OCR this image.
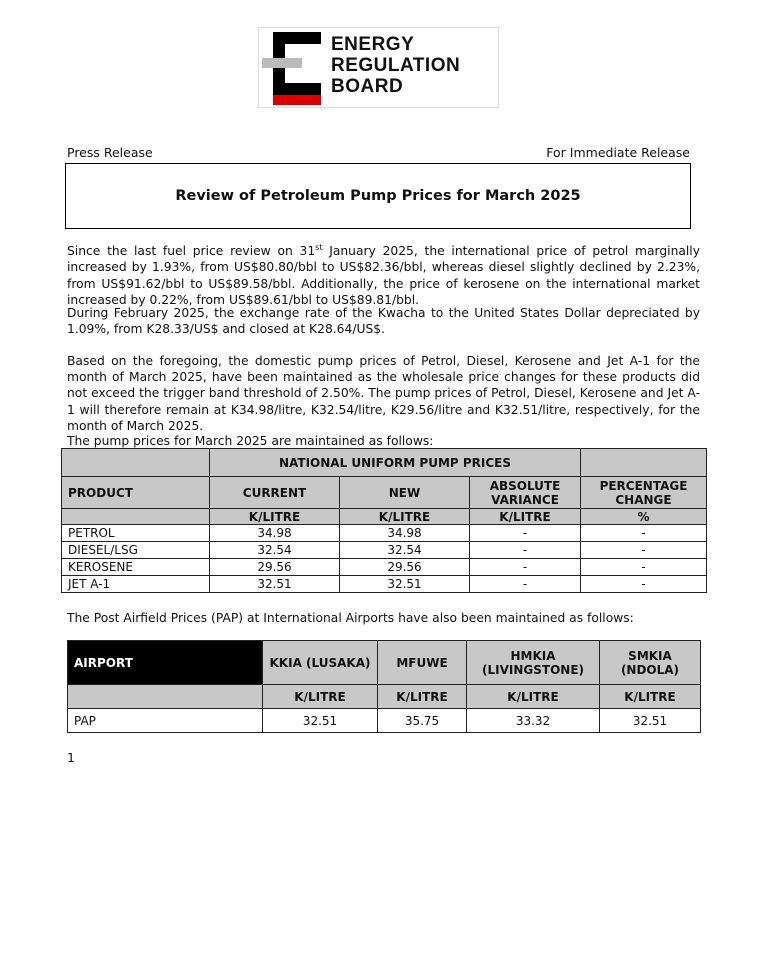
ENERGY
REGULATION
BOARD
Press Release	For Immediate Release
Review of Petroleum Pump Prices for March 2025
Since the last fuel price review on 31st January 2025, the international price of petrol marginally increased by 1.93%, from US$80.80/bbl to US$82.36/bbl, whereas diesel slightly declined by 2.23%, from US$91.62/bbl to US$89.58/bbl. Additionally, the price of kerosene on the international market increased by 0.22%, from US$89.61/bbl to US$89.81/bbl.
During February 2025, the exchange rate of the Kwacha to the United States Dollar depreciated by 1.09%, from K28.33/US$ and closed at K28.64/US$.
Based on the foregoing, the domestic pump prices of Petrol, Diesel, Kerosene and Jet A-1 for the month of March 2025, have been maintained as the wholesale price changes for these products did not exceed the trigger band threshold of 2.50%. The pump prices of Petrol, Diesel, Kerosene and Jet A-1 will therefore remain at K34.98/litre, K32.54/litre, K29.56/litre and K32.51/litre, respectively, for the month of March 2025.
The pump prices for March 2025 are maintained as follows:
	NATIONAL UNIFORM PUMP PRICES			
PRODUCT	CURRENT	NEW	ABSOLUTE VARIANCE	PERCENTAGE CHANGE
	K/LITRE	K/LITRE	K/LITRE	%
PETROL	34.98	34.98	-	-
DIESEL/LSG	32.54	32.54	-	-
KEROSENE	29.56	29.56	-	-
JET A-1	32.51	32.51	-	-
The Post Airfield Prices (PAP) at International Airports have also been maintained as follows:
AIRPORT	KKIA (LUSAKA)	MFUWE	HMKIA (LIVINGSTONE)	SMKIA (NDOLA)
	K/LITRE	K/LITRE	K/LITRE	K/LITRE
PAP	32.51	35.75	33.32	32.51
1
